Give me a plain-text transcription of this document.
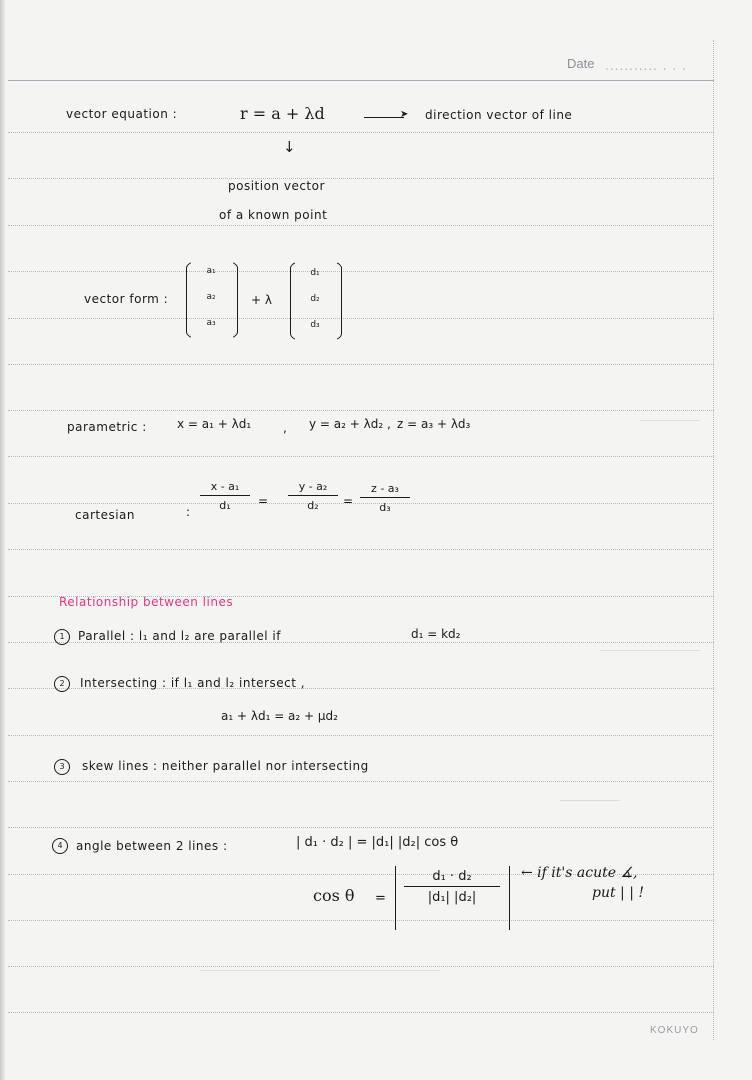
Date ........... . . .
vector equation :	r = a + λd	➤ direction vector of line
↓
position vector
of a known point
vector form :
a₁
a₂
a₃
+ λ
d₁
d₂
d₃
parametric :	x = a₁ + λd₁	, y = a₂ + λd₂ , z = a₃ + λd₃
cartesian	: $\frac{\text{x - a₁}}{\text{d₁}} = \frac{\text{y - a₂}}{\text{d₂}} = \frac{\text{z - a₃}}{\text{d₃}}$
Relationship between lines
1	Parallel : l₁ and l₂ are parallel if	d₁ = kd₂
2	Intersecting : if l₁ and l₂ intersect ,
a₁ + λd₁ = a₂ + μd₂
3	skew lines : neither parallel nor intersecting
4	angle between 2 lines :	| d₁ · d₂ | = |d₁| |d₂| cos θ
$\cos \theta = \frac{\text{d₁ · d₂}}{\text{|d₁| |d₂|}}$ ← if it's acute ∡,
put | | !
KOKUYO
